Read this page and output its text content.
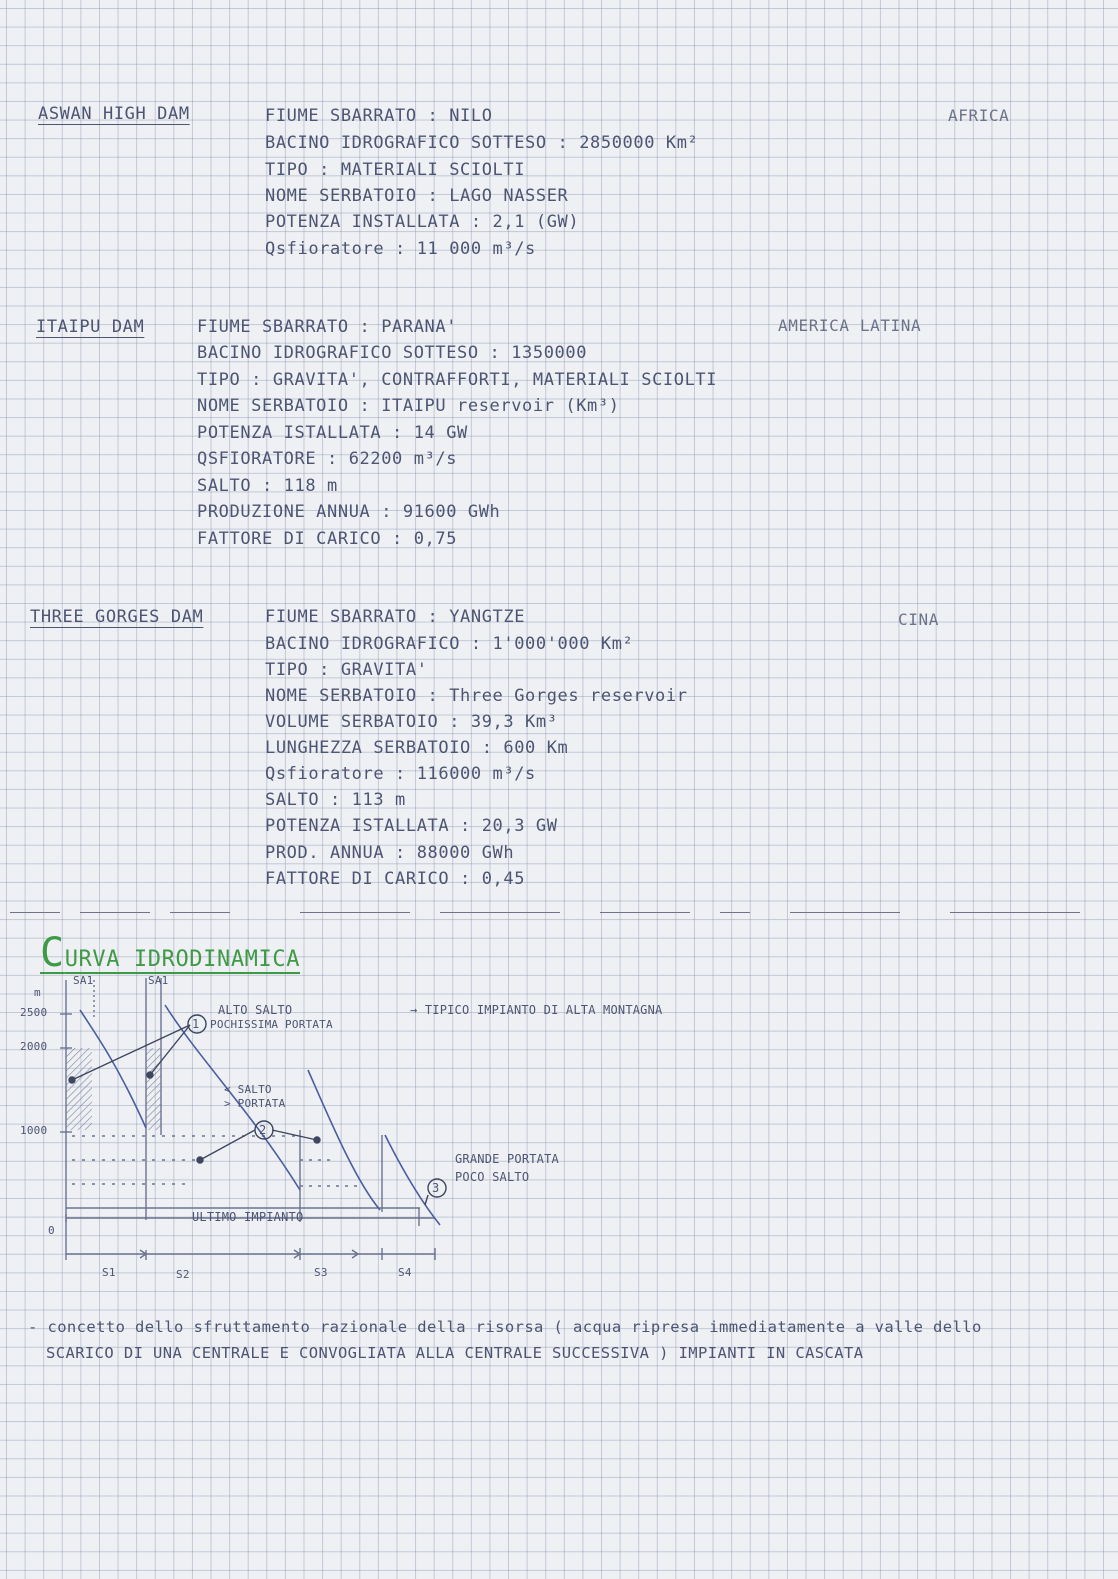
ASWAN HIGH DAM	AFRICA
FIUME SBARRATO : NILO
BACINO IDROGRAFICO SOTTESO : 2850000 Km²
TIPO : MATERIALI SCIOLTI
NOME SERBATOIO : LAGO NASSER
POTENZA INSTALLATA : 2,1 (GW)
Qsfioratore : 11 000 m³/s
ITAIPU DAM	AMERICA LATINA
FIUME SBARRATO : PARANA'
BACINO IDROGRAFICO SOTTESO : 1350000
TIPO : GRAVITA', CONTRAFFORTI, MATERIALI SCIOLTI
NOME SERBATOIO : ITAIPU reservoir (Km³)
POTENZA ISTALLATA : 14 GW
QSFIORATORE : 62200 m³/s
SALTO : 118 m
PRODUZIONE ANNUA : 91600 GWh
FATTORE DI CARICO : 0,75
THREE GORGES DAM	CINA
FIUME SBARRATO : YANGTZE
BACINO IDROGRAFICO : 1'000'000 Km²
TIPO : GRAVITA'
NOME SERBATOIO : Three Gorges reservoir
VOLUME SERBATOIO : 39,3 Km³
LUNGHEZZA SERBATOIO : 600 Km
Qsfioratore : 116000 m³/s
SALTO : 113 m
POTENZA ISTALLATA : 20,3 GW
PROD. ANNUA : 88000 GWh
FATTORE DI CARICO : 0,45
CURVA IDRODINAMICA
m
2500
2000
1000
0
SA1	SA1
1
2
3
ALTO SALTO
POCHISSIMA PORTATA
→ TIPICO IMPIANTO DI ALTA MONTAGNA
< SALTO
> PORTATA
GRANDE PORTATA
POCO SALTO
ULTIMO IMPIANTO
S1	S2	S3	S4
- concetto dello sfruttamento razionale della risorsa ( acqua ripresa immediatamente a valle dello
SCARICO DI UNA CENTRALE E CONVOGLIATA ALLA CENTRALE SUCCESSIVA ) IMPIANTI IN CASCATA
